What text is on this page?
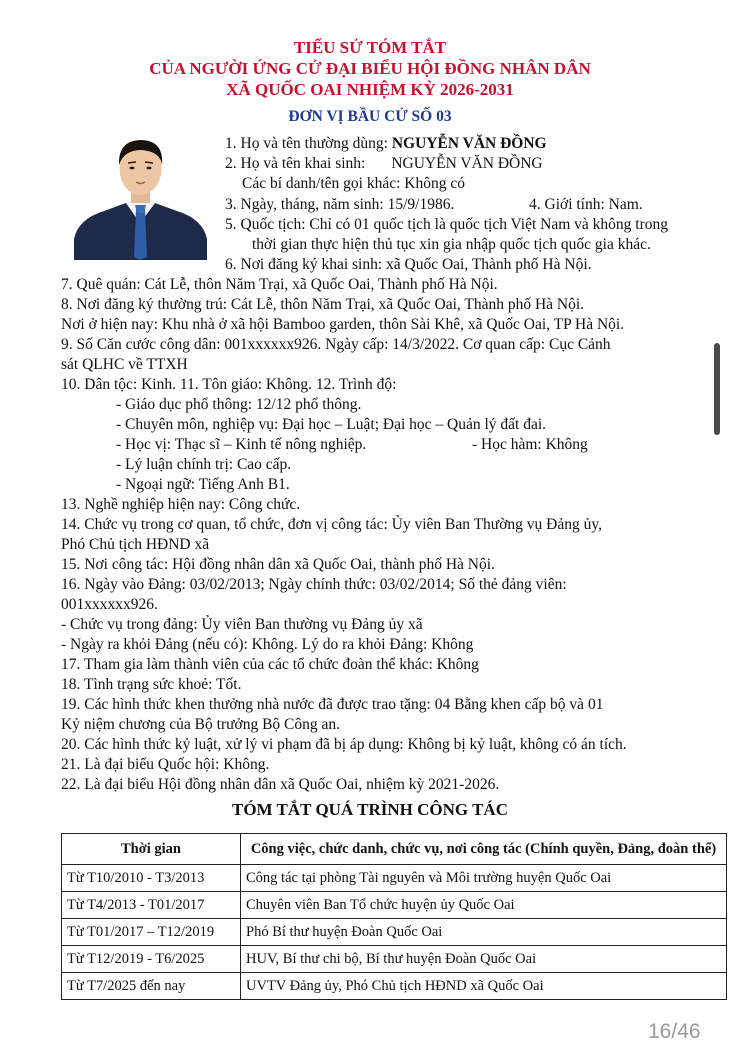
TIỂU SỬ TÓM TẮT
CỦA NGƯỜI ỨNG CỬ ĐẠI BIỂU HỘI ĐỒNG NHÂN DÂN
XÃ QUỐC OAI NHIỆM KỲ 2026-2031
ĐƠN VỊ BẦU CỬ SỐ 03
1. Họ và tên thường dùng: NGUYỄN VĂN ĐỒNG
2. Họ và tên khai sinh: NGUYỄN VĂN ĐỒNG
Các bí danh/tên gọi khác: Không có
3. Ngày, tháng, năm sinh: 15/9/1986.	4. Giới tính: Nam.
5. Quốc tịch: Chỉ có 01 quốc tịch là quốc tịch Việt Nam và không trong
thời gian thực hiện thủ tục xin gia nhập quốc tịch quốc gia khác.
6. Nơi đăng ký khai sinh: xã Quốc Oai, Thành phố Hà Nội.
7. Quê quán: Cát Lễ, thôn Năm Trại, xã Quốc Oai, Thành phố Hà Nội.
8. Nơi đăng ký thường trú: Cát Lễ, thôn Năm Trại, xã Quốc Oai, Thành phố Hà Nội.
Nơi ở hiện nay: Khu nhà ở xã hội Bamboo garden, thôn Sài Khê, xã Quốc Oai, TP Hà Nội.
9. Số Căn cước công dân: 001xxxxxx926. Ngày cấp: 14/3/2022. Cơ quan cấp: Cục Cảnh
sát QLHC về TTXH
10. Dân tộc: Kinh. 11. Tôn giáo: Không. 12. Trình độ:
- Giáo dục phổ thông: 12/12 phổ thông.
- Chuyên môn, nghiệp vụ: Đại học – Luật; Đại học – Quản lý đất đai.
- Học vị: Thạc sĩ – Kinh tế nông nghiệp.	- Học hàm: Không
- Lý luận chính trị: Cao cấp.
- Ngoại ngữ: Tiếng Anh B1.
13. Nghề nghiệp hiện nay: Công chức.
14. Chức vụ trong cơ quan, tổ chức, đơn vị công tác: Ủy viên Ban Thường vụ Đảng ủy,
Phó Chủ tịch HĐND xã
15. Nơi công tác: Hội đồng nhân dân xã Quốc Oai, thành phố Hà Nội.
16. Ngày vào Đảng: 03/02/2013; Ngày chính thức: 03/02/2014; Số thẻ đảng viên:
001xxxxxx926.
- Chức vụ trong đảng: Ủy viên Ban thường vụ Đảng ủy xã
- Ngày ra khỏi Đảng (nếu có): Không. Lý do ra khỏi Đảng: Không
17. Tham gia làm thành viên của các tổ chức đoàn thể khác: Không
18. Tình trạng sức khoẻ: Tốt.
19. Các hình thức khen thưởng nhà nước đã được trao tặng: 04 Bằng khen cấp bộ và 01
Kỷ niệm chương của Bộ trưởng Bộ Công an.
20. Các hình thức kỷ luật, xử lý vi phạm đã bị áp dụng: Không bị kỷ luật, không có án tích.
21. Là đại biểu Quốc hội: Không.
22. Là đại biểu Hội đồng nhân dân xã Quốc Oai, nhiệm kỳ 2021-2026.
TÓM TẮT QUÁ TRÌNH CÔNG TÁC
Thời gian	Công việc, chức danh, chức vụ, nơi công tác (Chính quyền, Đảng, đoàn thể)
Từ T10/2010 - T3/2013	Công tác tại phòng Tài nguyên và Môi trường huyện Quốc Oai
Từ T4/2013 - T01/2017	Chuyên viên Ban Tổ chức huyện ủy Quốc Oai
Từ T01/2017 – T12/2019	Phó Bí thư huyện Đoàn Quốc Oai
Từ T12/2019 - T6/2025	HUV, Bí thư chi bộ, Bí thư huyện Đoàn Quốc Oai
Từ T7/2025 đến nay	UVTV Đảng ủy, Phó Chủ tịch HĐND xã Quốc Oai
16/46
